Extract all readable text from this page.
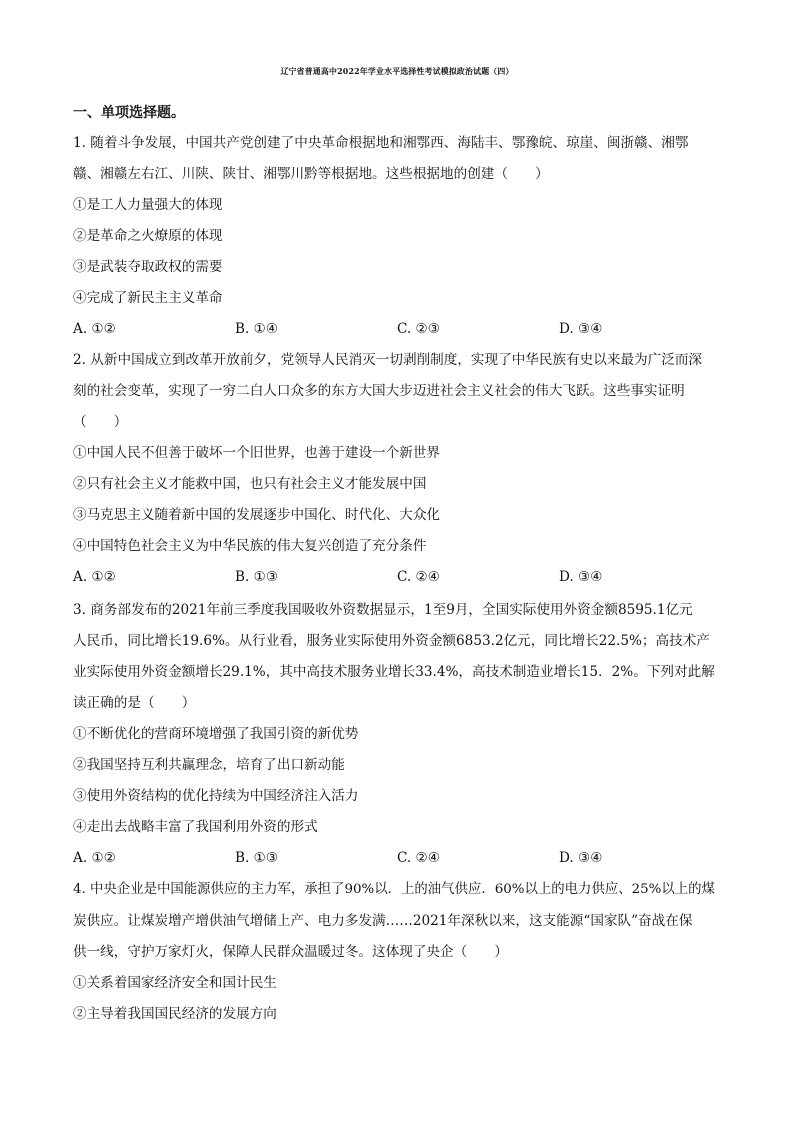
辽宁省普通高中2022年学业水平选择性考试模拟政治试题（四）
一、单项选择题。
1. 随着斗争发展，中国共产党创建了中央革命根据地和湘鄂西、海陆丰、鄂豫皖、琼崖、闽浙赣、湘鄂
赣、湘赣左右江、川陕、陕甘、湘鄂川黔等根据地。这些根据地的创建（　　）
①是工人力量强大的体现
②是革命之火燎原的体现
③是武装夺取政权的需要
④完成了新民主主义革命
A. ①②	B. ①④	C. ②③	D. ③④
2. 从新中国成立到改革开放前夕，党领导人民消灭一切剥削制度，实现了中华民族有史以来最为广泛而深
刻的社会变革，实现了一穷二白人口众多的东方大国大步迈进社会主义社会的伟大飞跃。这些事实证明
（　　）
①中国人民不但善于破坏一个旧世界，也善于建设一个新世界
②只有社会主义才能救中国，也只有社会主义才能发展中国
③马克思主义随着新中国的发展逐步中国化、时代化、大众化
④中国特色社会主义为中华民族的伟大复兴创造了充分条件
A. ①②	B. ①③	C. ②④	D. ③④
3. 商务部发布的2021年前三季度我国吸收外资数据显示，1至9月，全国实际使用外资金额8595.1亿元
人民币，同比增长19.6%。从行业看，服务业实际使用外资金额6853.2亿元，同比增长22.5%；高技术产
业实际使用外资金额增长29.1%，其中高技术服务业增长33.4%，高技术制造业增长15．2%。下列对此解
读正确的是（　　）
①不断优化的营商环境增强了我国引资的新优势
②我国坚持互利共赢理念，培育了出口新动能
③使用外资结构的优化持续为中国经济注入活力
④走出去战略丰富了我国利用外资的形式
A. ①②	B. ①③	C. ②④	D. ③④
4. 中央企业是中国能源供应的主力军，承担了90%以．上的油气供应．60%以上的电力供应、25%以上的煤
炭供应。让煤炭增产增供油气增储上产、电力多发满……2021年深秋以来，这支能源“国家队”奋战在保
供一线，守护万家灯火，保障人民群众温暖过冬。这体现了央企（　　）
①关系着国家经济安全和国计民生
②主导着我国国民经济的发展方向
